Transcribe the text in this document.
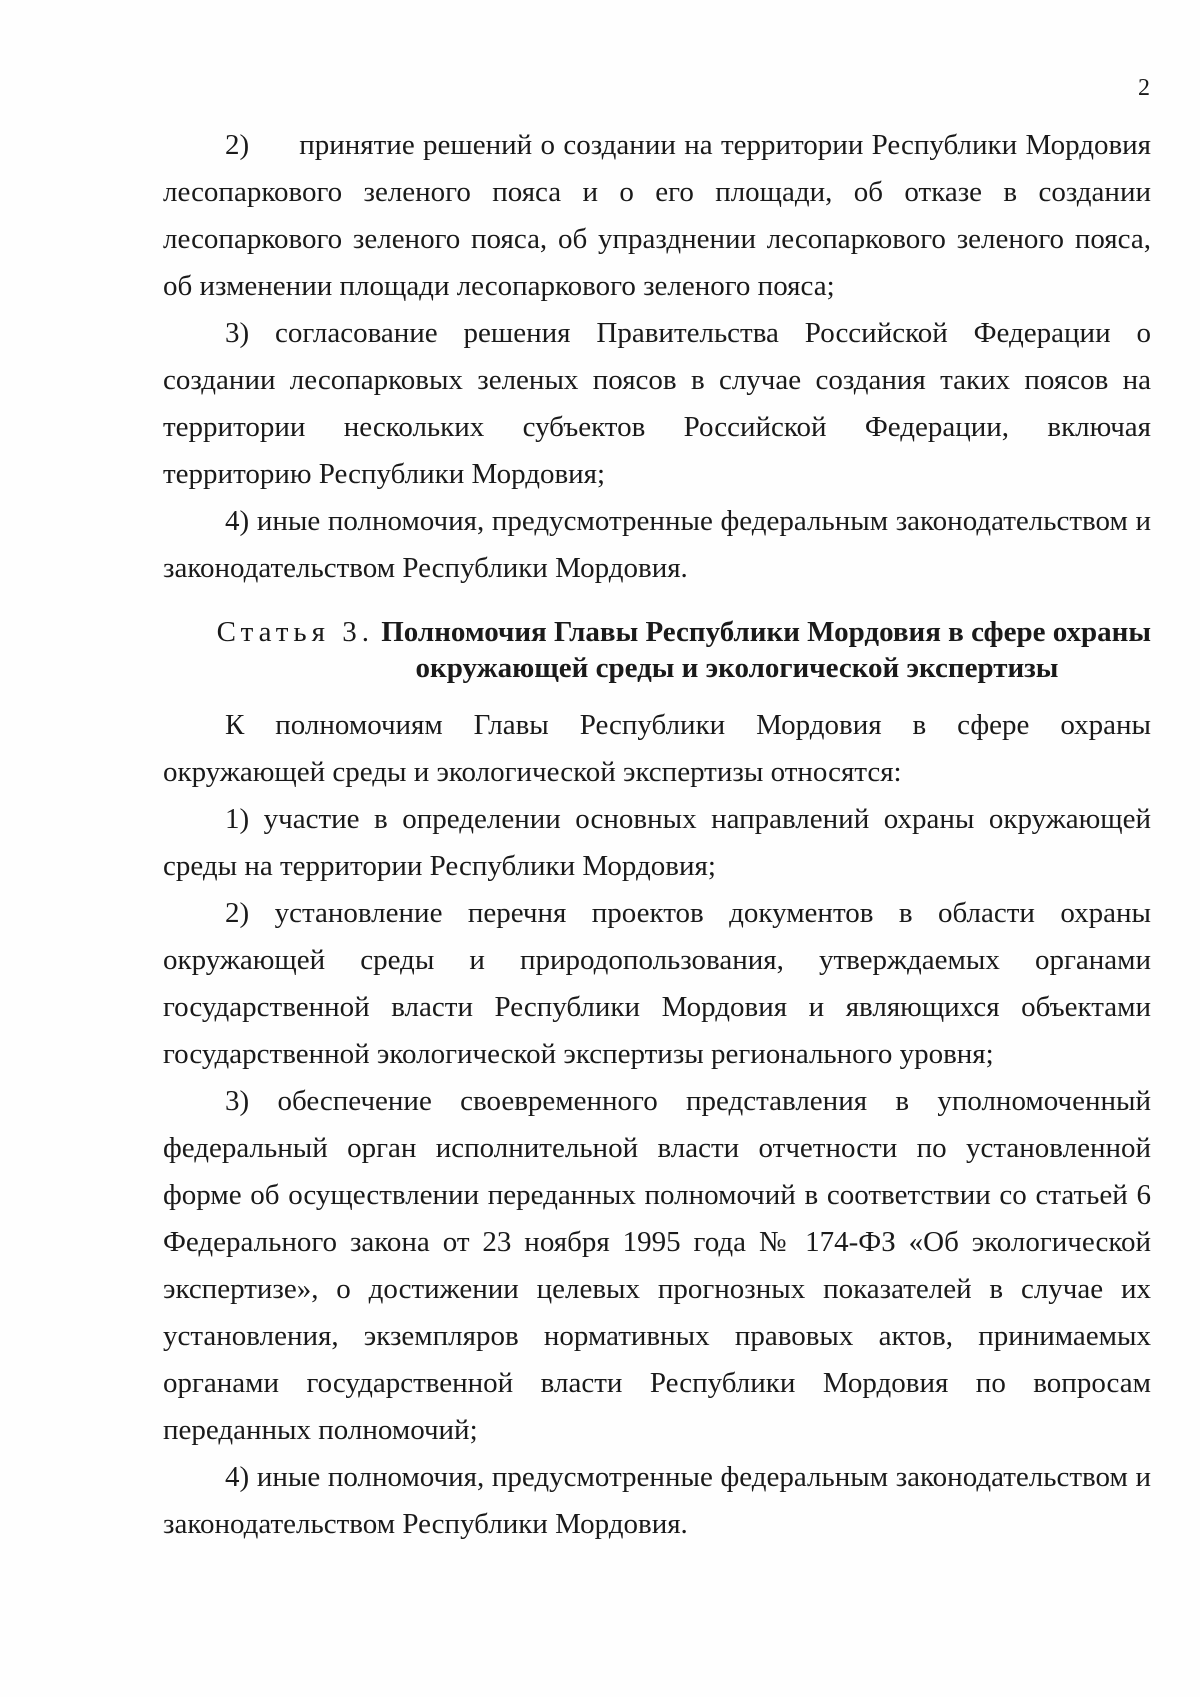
2

2)      принятие решений о создании на территории Республики Мордовия лесопаркового зеленого пояса и о его площади, об отказе в создании лесопаркового зеленого пояса, об упразднении лесопаркового зеленого пояса, об изменении площади лесопаркового зеленого пояса;

3) согласование решения Правительства Российской Федерации о создании лесопарковых зеленых поясов в случае создания таких поясов на территории нескольких субъектов Российской Федерации, включая территорию Республики Мордовия;

4) иные полномочия, предусмотренные федеральным законодательством и законодательством Республики Мордовия.

Статья 3. Полномочия Главы Республики Мордовия в сфере охраны
окружающей среды и экологической экспертизы

К полномочиям Главы Республики Мордовия в сфере охраны окружающей среды и экологической экспертизы относятся:

1) участие в определении основных направлений охраны окружающей среды на территории Республики Мордовия;

2) установление перечня проектов документов в области охраны окружающей среды и природопользования, утверждаемых органами государственной власти Республики Мордовия и являющихся объектами государственной экологической экспертизы регионального уровня;

3) обеспечение своевременного представления в уполномоченный федеральный орган исполнительной власти отчетности по установленной форме об осуществлении переданных полномочий в соответствии со статьей 6 Федерального закона от 23 ноября 1995 года № 174-ФЗ «Об экологической экспертизе», о достижении целевых прогнозных показателей в случае их установления, экземпляров нормативных правовых актов, принимаемых органами государственной власти Республики Мордовия по вопросам переданных полномочий;

4) иные полномочия, предусмотренные федеральным законодательством и законодательством Республики Мордовия.
